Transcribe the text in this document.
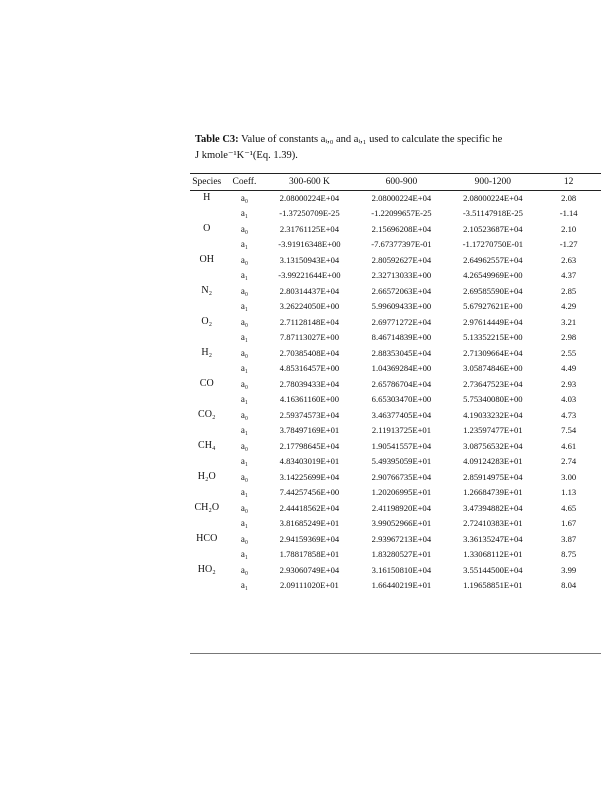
Table C3: Value of constants aᵢ,₀ and aᵢ,₁ used to calculate the specific he
J kmole⁻¹K⁻¹(Eq. 1.39).
Species	Coeff.	300-600 K	600-900	900-1200	12
H	a₀	2.08000224E+04	2.08000224E+04	2.08000224E+04	2.08
	a₁	-1.37250709E-25	-1.22099657E-25	-3.51147918E-25	-1.14
O	a₀	2.31761125E+04	2.15696208E+04	2.10523687E+04	2.10
	a₁	-3.91916348E+00	-7.67377397E-01	-1.17270750E-01	-1.27
OH	a₀	3.13150943E+04	2.80592627E+04	2.64962557E+04	2.63
	a₁	-3.99221644E+00	2.32713033E+00	4.26549969E+00	4.37
N₂	a₀	2.80314437E+04	2.66572063E+04	2.69585590E+04	2.85
	a₁	3.26224050E+00	5.99609433E+00	5.67927621E+00	4.29
O₂	a₀	2.71128148E+04	2.69771272E+04	2.97614449E+04	3.21
	a₁	7.87113027E+00	8.46714839E+00	5.13352215E+00	2.98
H₂	a₀	2.70385408E+04	2.88353045E+04	2.71309664E+04	2.55
	a₁	4.85316457E+00	1.04369284E+00	3.05874846E+00	4.49
CO	a₀	2.78039433E+04	2.65786704E+04	2.73647523E+04	2.93
	a₁	4.16361160E+00	6.65303470E+00	5.75340080E+00	4.03
CO₂	a₀	2.59374573E+04	3.46377405E+04	4.19033232E+04	4.73
	a₁	3.78497169E+01	2.11913725E+01	1.23597477E+01	7.54
CH₄	a₀	2.17798645E+04	1.90541557E+04	3.08756532E+04	4.61
	a₁	4.83403019E+01	5.49395059E+01	4.09124283E+01	2.74
H₂O	a₀	3.14225699E+04	2.90766735E+04	2.85914975E+04	3.00
	a₁	7.44257456E+00	1.20206995E+01	1.26684739E+01	1.13
CH₂O	a₀	2.44418562E+04	2.41198920E+04	3.47394882E+04	4.65
	a₁	3.81685249E+01	3.99052966E+01	2.72410383E+01	1.67
HCO	a₀	2.94159369E+04	2.93967213E+04	3.36135247E+04	3.87
	a₁	1.78817858E+01	1.83280527E+01	1.33068112E+01	8.75
HO₂	a₀	2.93060749E+04	3.16150810E+04	3.55144500E+04	3.99
	a₁	2.09111020E+01	1.66440219E+01	1.19658851E+01	8.04
